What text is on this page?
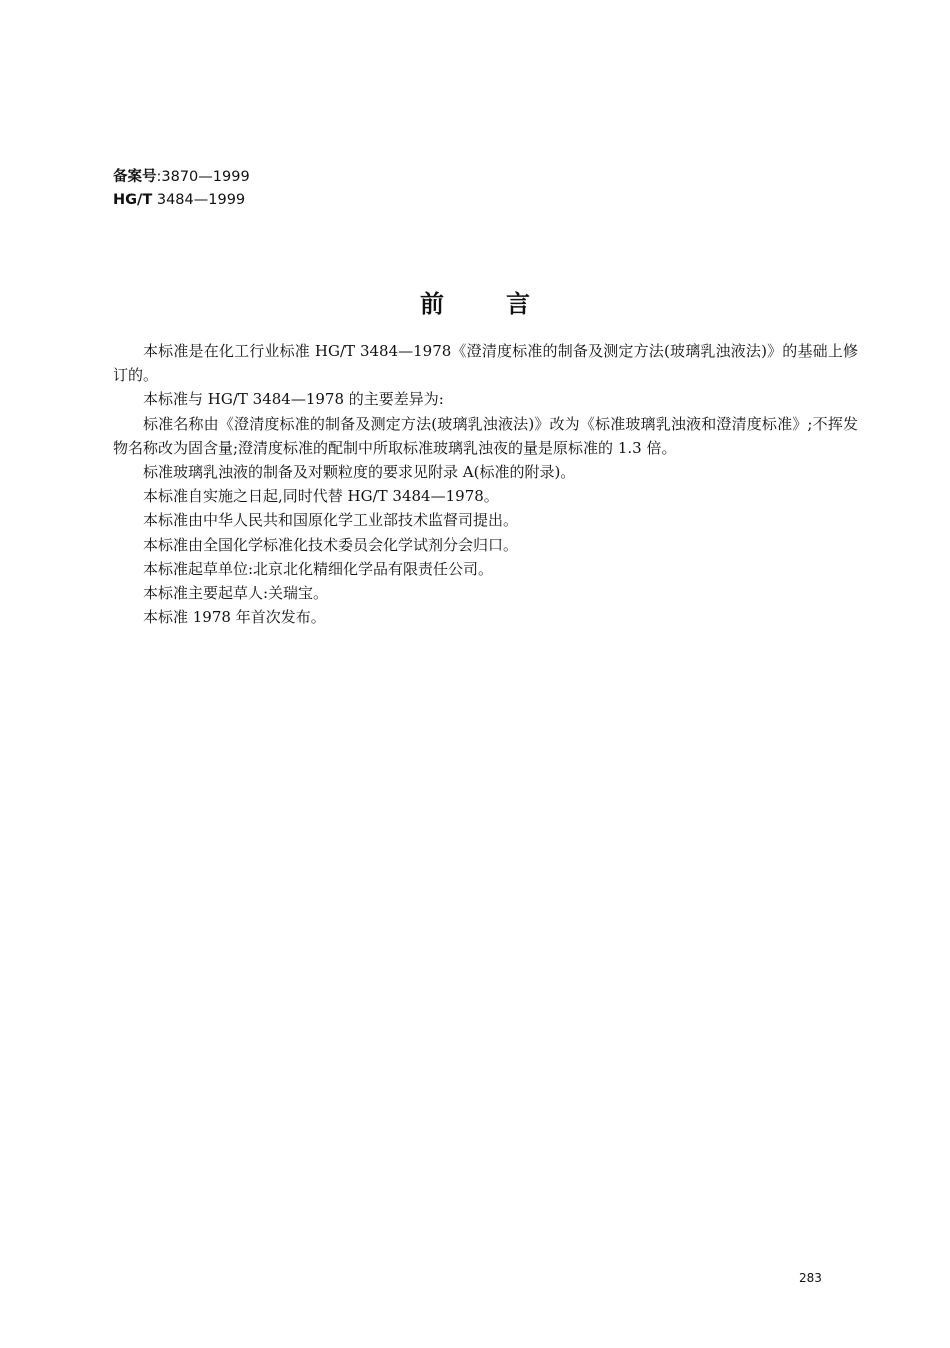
备案号:3870—1999
HG/T 3484—1999
前言

本标准是在化工行业标准 HG/T 3484—1978《澄清度标准的制备及测定方法(玻璃乳浊液法)》的基础上修订的。

本标准与 HG/T 3484—1978 的主要差异为:

标准名称由《澄清度标准的制备及测定方法(玻璃乳浊液法)》改为《标准玻璃乳浊液和澄清度标准》;不挥发物名称改为固含量;澄清度标准的配制中所取标准玻璃乳浊夜的量是原标准的 1.3 倍。

标准玻璃乳浊液的制备及对颗粒度的要求见附录 A(标准的附录)。

本标准自实施之日起,同时代替 HG/T 3484—1978。

本标准由中华人民共和国原化学工业部技术监督司提出。

本标准由全国化学标准化技术委员会化学试剂分会归口。

本标准起草单位:北京北化精细化学品有限责任公司。

本标准主要起草人:关瑞宝。

本标准 1978 年首次发布。

283
